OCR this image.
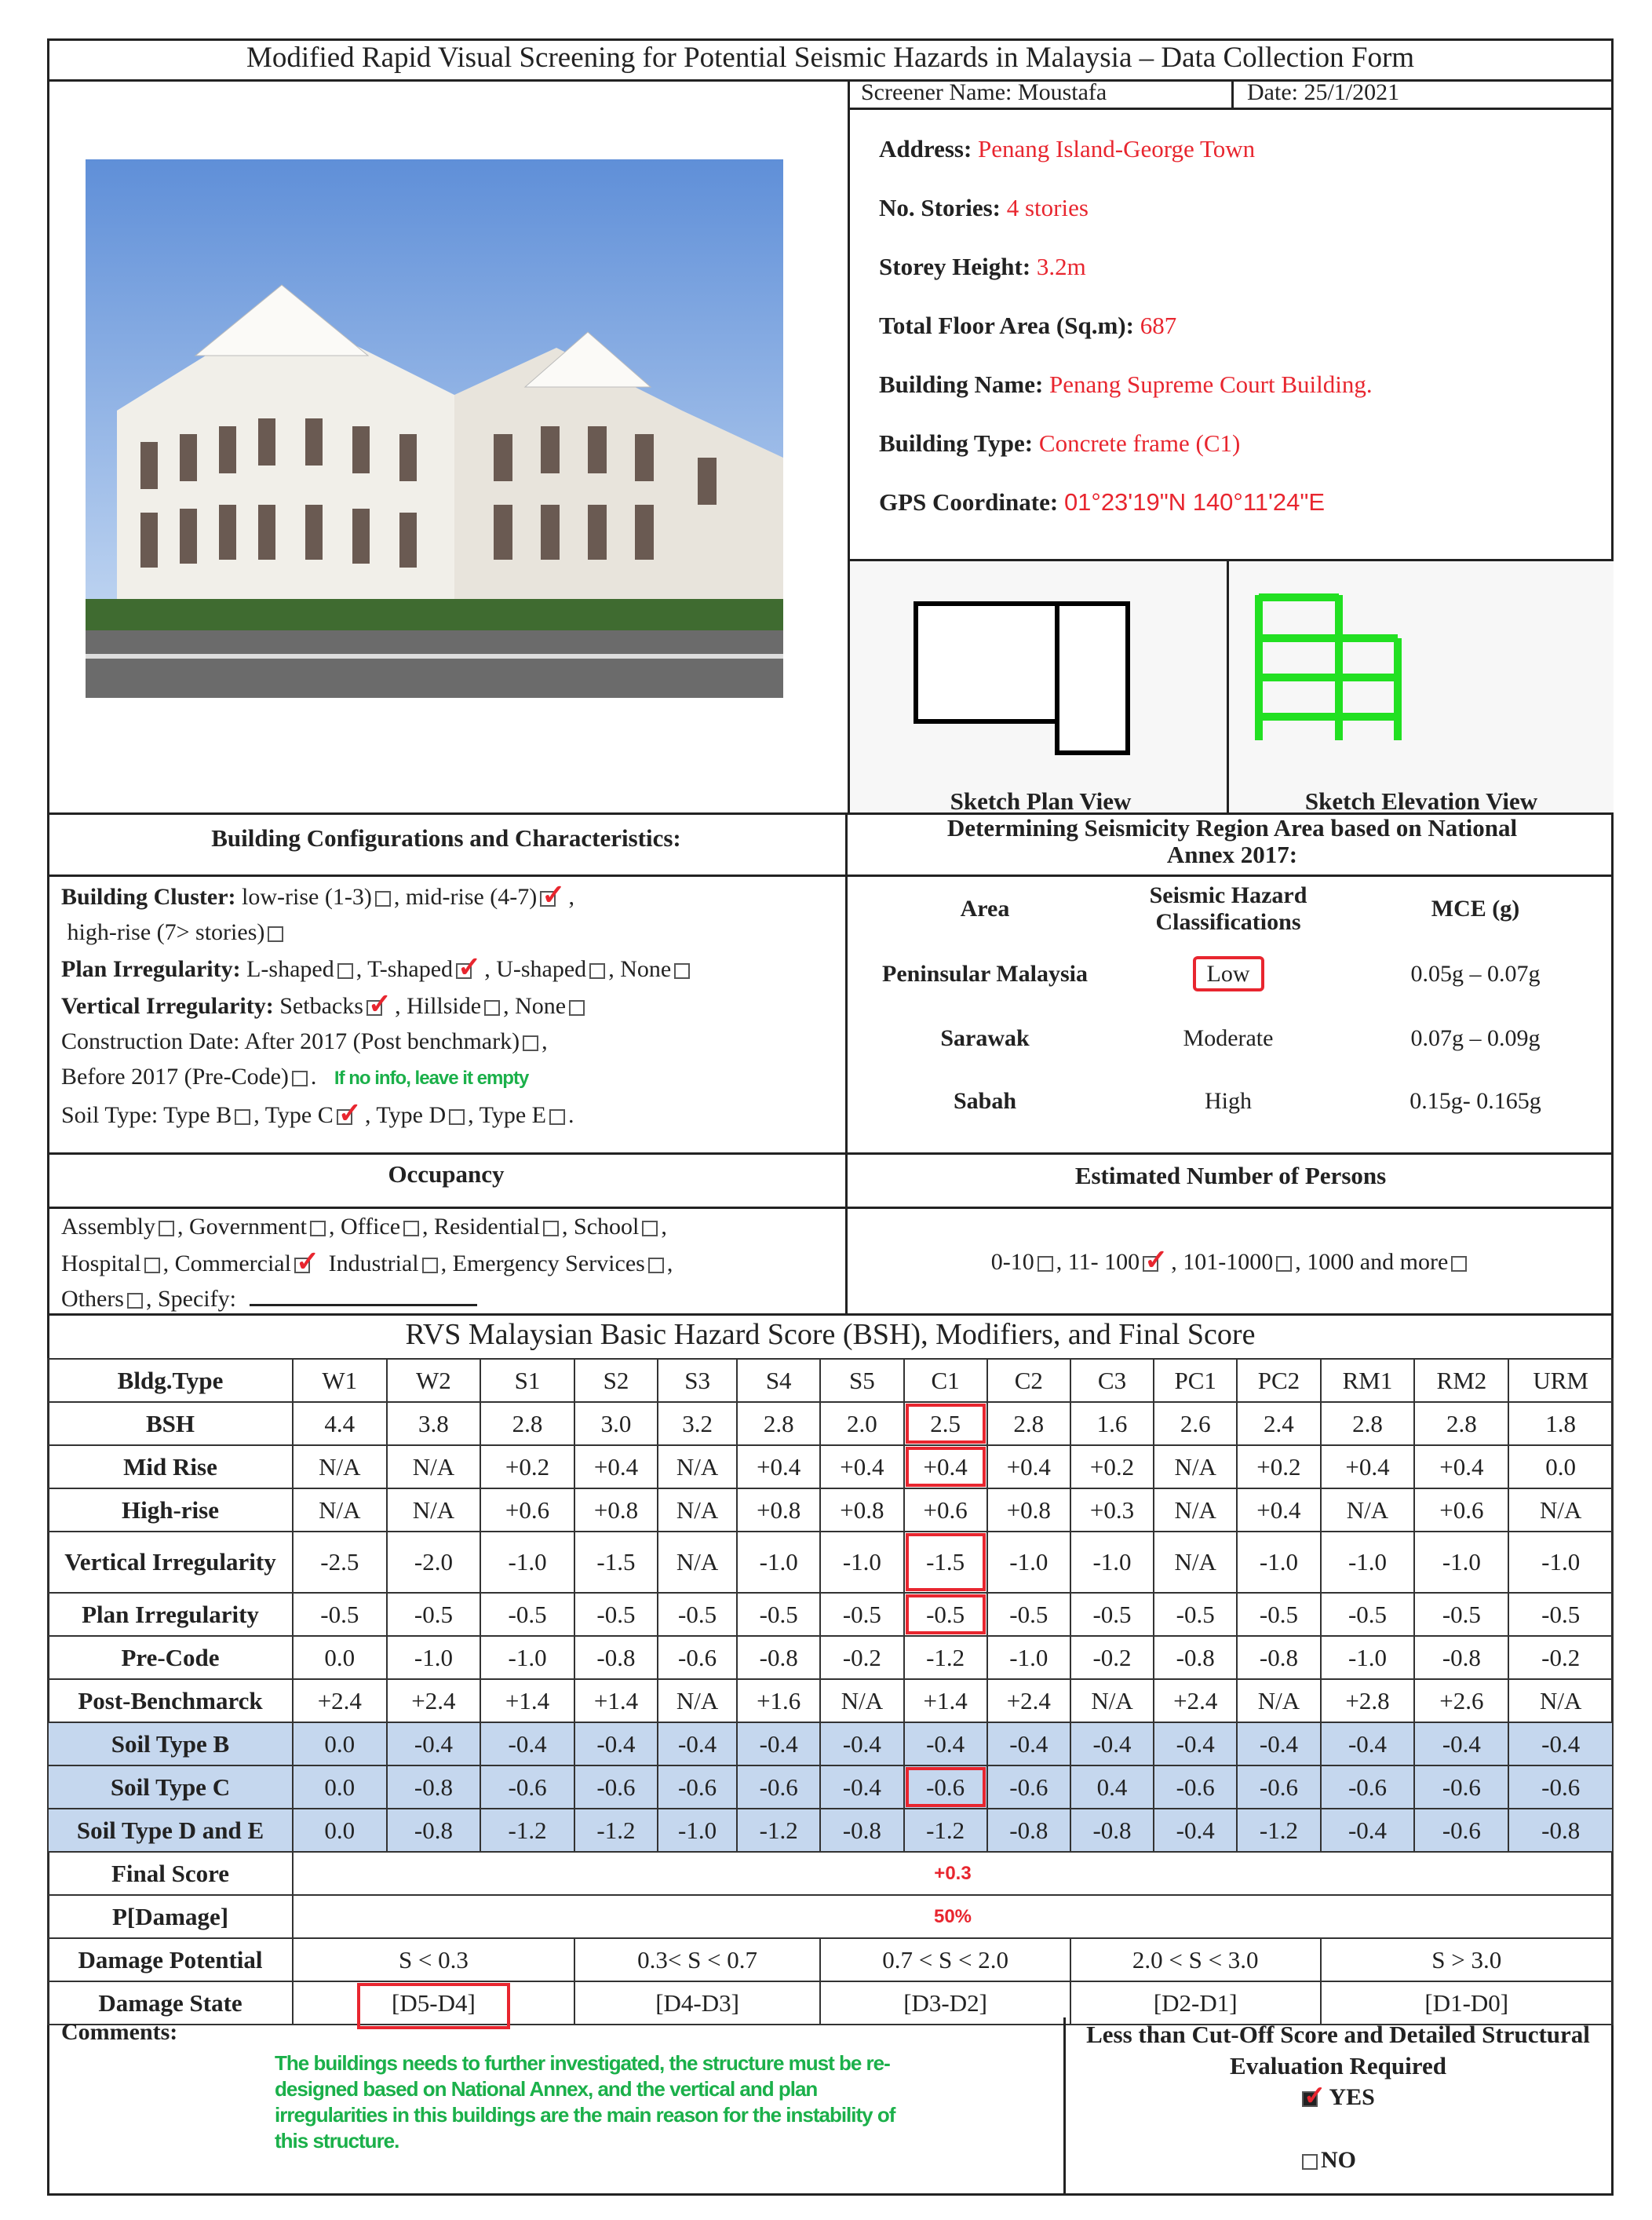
Modified Rapid Visual Screening for Potential Seismic Hazards in Malaysia – Data Collection Form
Screener Name: Moustafa	Date: 25/1/2021

Address: Penang Island-George Town

No. Stories: 4 stories

Storey Height: 3.2m

Total Floor Area (Sq.m): 687

Building Name: Penang Supreme Court Building.

Building Type: Concrete frame (C1)

GPS Coordinate: 01°23'19"N 140°11'24"E

Sketch Plan View	Sketch Elevation View
Building Configurations and Characteristics:

Building Cluster: low-rise (1-3) , mid-rise (4-7) ✓ ,

high-rise (7> stories)

Plan Irregularity: L-shaped , T-shaped ✓ , U-shaped , None

Vertical Irregularity: Setbacks ✓ , Hillside , None

Construction Date: After 2017 (Post benchmark) ,

Before 2017 (Pre-Code) .   If no info, leave it empty

Soil Type: Type B , Type C ✓ , Type D , Type E .

Determining Seismicity Region Area based on National Annex 2017:
Area	Seismic Hazard Classifications	MCE (g)
Peninsular Malaysia	Low	0.05g – 0.07g
Sarawak	Moderate	0.07g – 0.09g
Sabah	High	0.15g- 0.165g
Occupancy

Assembly , Government , Office , Residential , School ,

Hospital , Commercial ✓ Industrial , Emergency Services ,

Others , Specify:

Estimated Number of Persons

0-10 , 11- 100 ✓ , 101-1000 , 1000 and more

RVS Malaysian Basic Hazard Score (BSH), Modifiers, and Final Score
Bldg.Type	W1	W2	S1	S2	S3	S4	S5	C1	C2	C3	PC1	PC2	RM1	RM2	URM
BSH	4.4	3.8	2.8	3.0	3.2	2.8	2.0	2.5	2.8	1.6	2.6	2.4	2.8	2.8	1.8
Mid Rise	N/A	N/A	+0.2	+0.4	N/A	+0.4	+0.4	+0.4	+0.4	+0.2	N/A	+0.2	+0.4	+0.4	0.0
High-rise	N/A	N/A	+0.6	+0.8	N/A	+0.8	+0.8	+0.6	+0.8	+0.3	N/A	+0.4	N/A	+0.6	N/A
Vertical Irregularity	-2.5	-2.0	-1.0	-1.5	N/A	-1.0	-1.0	-1.5	-1.0	-1.0	N/A	-1.0	-1.0	-1.0	-1.0
Plan Irregularity	-0.5	-0.5	-0.5	-0.5	-0.5	-0.5	-0.5	-0.5	-0.5	-0.5	-0.5	-0.5	-0.5	-0.5	-0.5
Pre-Code	0.0	-1.0	-1.0	-0.8	-0.6	-0.8	-0.2	-1.2	-1.0	-0.2	-0.8	-0.8	-1.0	-0.8	-0.2
Post-Benchmarck	+2.4	+2.4	+1.4	+1.4	N/A	+1.6	N/A	+1.4	+2.4	N/A	+2.4	N/A	+2.8	+2.6	N/A
Soil Type B	0.0	-0.4	-0.4	-0.4	-0.4	-0.4	-0.4	-0.4	-0.4	-0.4	-0.4	-0.4	-0.4	-0.4	-0.4
Soil Type C	0.0	-0.8	-0.6	-0.6	-0.6	-0.6	-0.4	-0.6	-0.6	0.4	-0.6	-0.6	-0.6	-0.6	-0.6
Soil Type D and E	0.0	-0.8	-1.2	-1.2	-1.0	-1.2	-0.8	-1.2	-0.8	-0.8	-0.4	-1.2	-0.4	-0.6	-0.8
Final Score	+0.3														
P[Damage]	50%														
Damage Potential	S < 0.3			0.3< S < 0.7			0.7 < S < 2.0			2.0 < S < 3.0			S > 3.0		
Damage State	[D5-D4]			[D4-D3]			[D3-D2]			[D2-D1]			[D1-D0]		
Comments:
The buildings needs to further investigated, the structure must be re-designed based on National Annex, and the vertical and plan irregularities in this buildings are the main reason for the instability of this structure.
Less than Cut-Off Score and Detailed Structural Evaluation Required
✓ YES
NO
